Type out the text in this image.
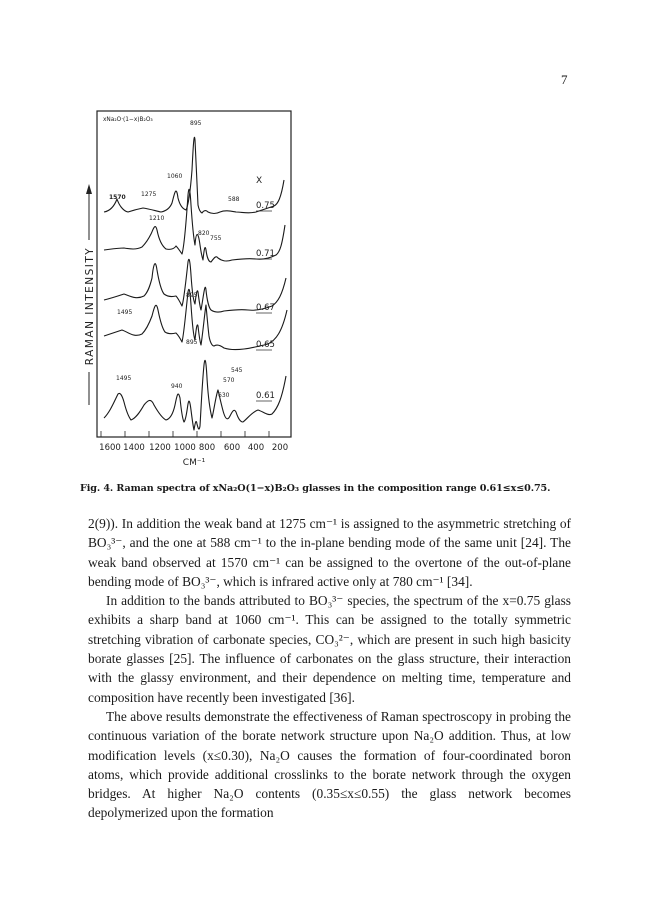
7
RAMAN INTENSITY
xNa₂O·(1−x)B₂O₃
X
0.75
0.71
0.67
0.65
0.61
895
1060
1570	1275
588
1210
820
755
895
1495
895
545
1495
940
570
630
1600 1400 1200 1000 800 600 400 200
CM⁻¹
Fig. 4. Raman spectra of xNa₂O(1−x)B₂O₃ glasses in the composition range 0.61≤x≤0.75.

2(9)). In addition the weak band at 1275 cm⁻¹ is assigned to the asymmetric stretching of BO₃³⁻, and the one at 588 cm⁻¹ to the in-plane bending mode of the same unit [24]. The weak band observed at 1570 cm⁻¹ can be assigned to the overtone of the out-of-plane bending mode of BO₃³⁻, which is infrared active only at 780 cm⁻¹ [34].

In addition to the bands attributed to BO₃³⁻ species, the spectrum of the x=0.75 glass exhibits a sharp band at 1060 cm⁻¹. This can be assigned to the totally symmetric stretching vibration of carbonate species, CO₃²⁻, which are present in such high basicity borate glasses [25]. The influence of carbonates on the glass structure, their interaction with the glassy environment, and their dependence on melting time, temperature and composition have recently been investigated [36].

The above results demonstrate the effectiveness of Raman spectroscopy in probing the continuous variation of the borate network structure upon Na₂O addition. Thus, at low modification levels (x≤0.30), Na₂O causes the formation of four-coordinated boron atoms, which provide additional crosslinks to the borate network through the oxygen bridges. At higher Na₂O contents (0.35≤x≤0.55) the glass network becomes depolymerized upon the formation
